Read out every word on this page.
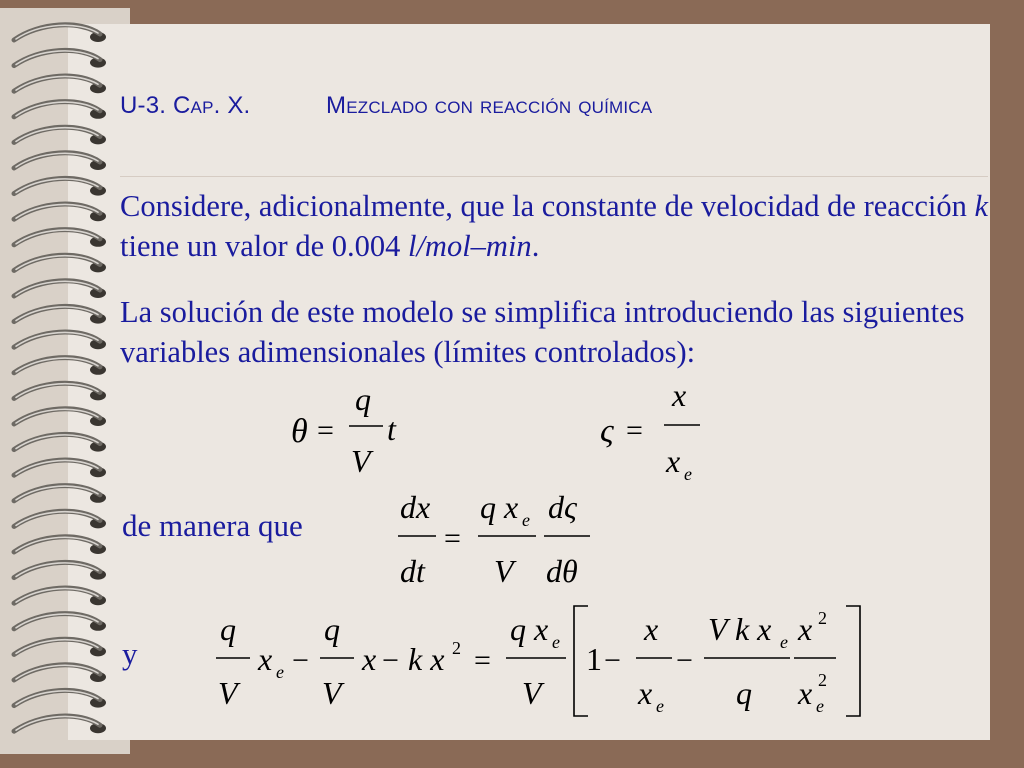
U-3. Cap. X.	Mezclado con reacción química
Considere, adicionalmente, que la constante de velocidad de reacción k tiene un valor de 0.004 l/mol–min.
La solución de este modelo se simplifica introduciendo las siguientes variables adimensionales (límites controlados):
θ =
q
V
t	ς =
x
x e
de manera que
dx
dt
=
q x e
V
dς
dθ
y
q
V
x e −
q
V
x − k x 2 =
q x e
V
1 −
x
x e
−
V k x e
q
x 2
x 2
e
